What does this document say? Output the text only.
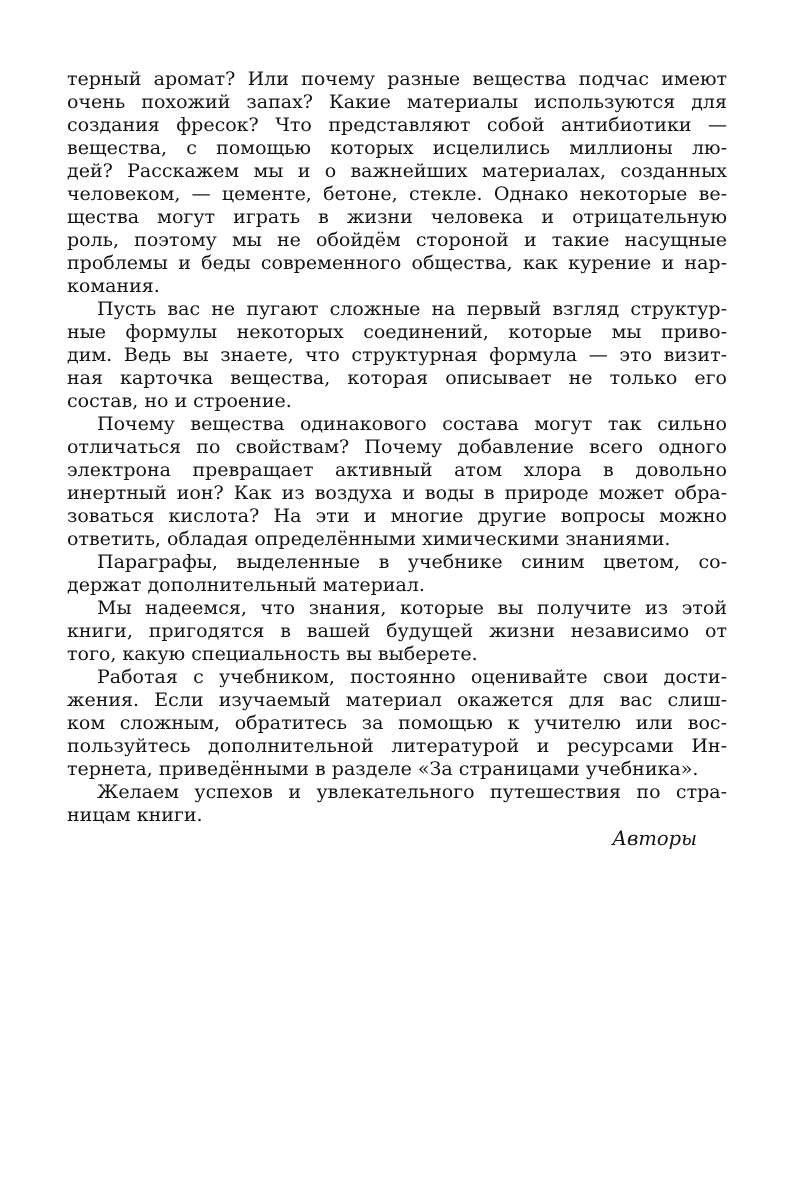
терный аромат? Или почему разные вещества подчас имеют
очень похожий запах? Какие материалы используются для
создания фресок? Что представляют собой антибиотики —
вещества, с помощью которых исцелились миллионы лю-
дей? Расскажем мы и о важнейших материалах, созданных
человеком, — цементе, бетоне, стекле. Однако некоторые ве-
щества могут играть в жизни человека и отрицательную
роль, поэтому мы не обойдём стороной и такие насущные
проблемы и беды современного общества, как курение и нар-
комания.
Пусть вас не пугают сложные на первый взгляд структур-
ные формулы некоторых соединений, которые мы приво-
дим. Ведь вы знаете, что структурная формула — это визит-
ная карточка вещества, которая описывает не только его
состав, но и строение.
Почему вещества одинакового состава могут так сильно
отличаться по свойствам? Почему добавление всего одного
электрона превращает активный атом хлора в довольно
инертный ион? Как из воздуха и воды в природе может обра-
зоваться кислота? На эти и многие другие вопросы можно
ответить, обладая определёнными химическими знаниями.
Параграфы, выделенные в учебнике синим цветом, со-
держат дополнительный материал.
Мы надеемся, что знания, которые вы получите из этой
книги, пригодятся в вашей будущей жизни независимо от
того, какую специальность вы выберете.
Работая с учебником, постоянно оценивайте свои дости-
жения. Если изучаемый материал окажется для вас слиш-
ком сложным, обратитесь за помощью к учителю или вос-
пользуйтесь дополнительной литературой и ресурсами Ин-
тернета, приведёнными в разделе «За страницами учебника».
Желаем успехов и увлекательного путешествия по стра-
ницам книги.
Авторы
